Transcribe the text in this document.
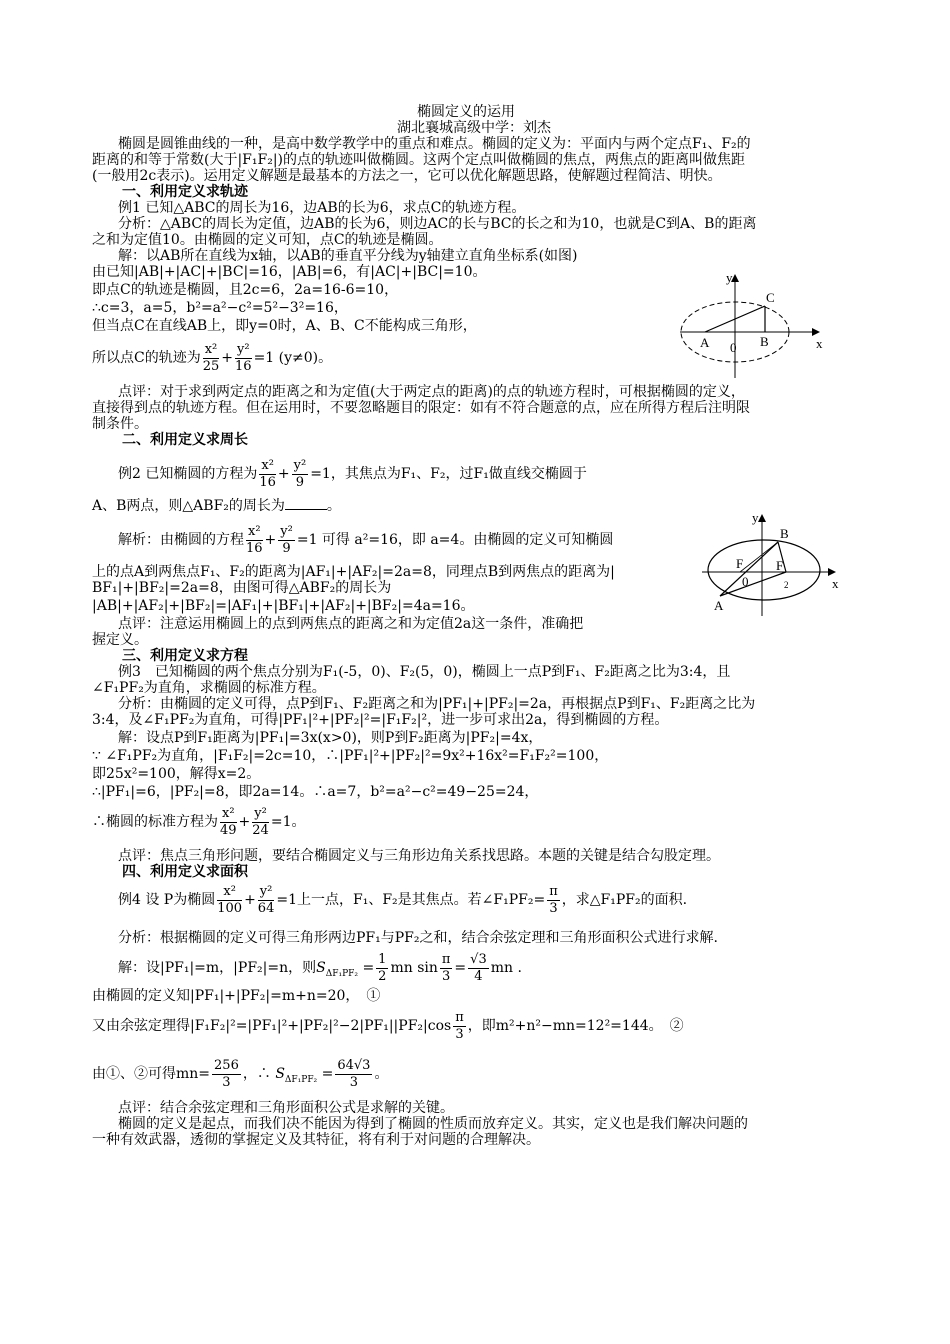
椭圆定义的运用
湖北襄城高级中学：刘杰
椭圆是圆锥曲线的一种，是高中数学教学中的重点和难点。椭圆的定义为：平面内与两个定点F₁、F₂的
距离的和等于常数(大于|F₁F₂|)的点的轨迹叫做椭圆。这两个定点叫做椭圆的焦点，两焦点的距离叫做焦距
(一般用2c表示)。运用定义解题是最基本的方法之一，它可以优化解题思路，使解题过程简洁、明快。
一、利用定义求轨迹
例1 已知△ABC的周长为16，边AB的长为6，求点C的轨迹方程。
分析：△ABC的周长为定值，边AB的长为6，则边AC的长与BC的长之和为10，也就是C到A、B的距离
之和为定值10。由椭圆的定义可知，点C的轨迹是椭圆。
解：以AB所在直线为x轴，以AB的垂直平分线为y轴建立直角坐标系(如图)
由已知|AB|+|AC|+|BC|=16，|AB|=6，有|AC|+|BC|=10。
即点C的轨迹是椭圆，且2c=6，2a=16-6=10，
∴c=3，a=5，b²=a²−c²=5²−3²=16，
但当点C在直线AB上，即y=0时，A、B、C不能构成三角形，
所以点C的轨迹为 $\frac{\text{x²}}{25} + \frac{\text{y²}}{16} =1$ (y≠0)。
点评：对于求到两定点的距离之和为定值(大于两定点的距离)的点的轨迹方程时，可根据椭圆的定义，
直接得到点的轨迹方程。但在运用时，不要忽略题目的限定：如有不符合题意的点，应在所得方程后注明限
制条件。
y
x
C
A 0 B
二、利用定义求周长
例2 已知椭圆的方程为 $\frac{\text{x²}}{16} + \frac{\text{y²}}{9} =1$，其焦点为F₁、F₂，过F₁做直线交椭圆于
A、B两点，则△ABF₂的周长为	。
解析：由椭圆的方程 $\frac{\text{x²}}{16} + \frac{\text{y²}}{9} =1$ 可得 a²=16，即 a=4。由椭圆的定义可知椭圆
上的点A到两焦点F₁、F₂的距离为|AF₁|+|AF₂|=2a=8，同理点B到两焦点的距离为|
BF₁|+|BF₂|=2a=8，由图可得△ABF₂的周长为
|AB|+|AF₂|+|BF₂|=|AF₁|+|BF₁|+|AF₂|+|BF₂|=4a=16。
点评：注意运用椭圆上的点到两焦点的距离之和为定值2a这一条件，准确把
握定义。
y
x
B
F
0
F
2
A
三、利用定义求方程
例3　已知椭圆的两个焦点分别为F₁(-5，0)、F₂(5，0)，椭圆上一点P到F₁、F₂距离之比为3:4，且
∠F₁PF₂为直角，求椭圆的标准方程。
分析：由椭圆的定义可得，点P到F₁、F₂距离之和为|PF₁|+|PF₂|=2a，再根据点P到F₁、F₂距离之比为
3:4，及∠F₁PF₂为直角，可得|PF₁|²+|PF₂|²=|F₁F₂|²，进一步可求出2a，得到椭圆的方程。
解：设点P到F₁距离为|PF₁|=3x(x>0)，则P到F₂距离为|PF₂|=4x，
∵ ∠F₁PF₂为直角，|F₁F₂|=2c=10，∴|PF₁|²+|PF₂|²=9x²+16x²=F₁F₂²=100，
即25x²=100，解得x=2。
∴|PF₁|=6，|PF₂|=8，即2a=14。∴a=7，b²=a²−c²=49−25=24，
∴椭圆的标准方程为 $\frac{\text{x²}}{49} + \frac{\text{y²}}{24} =1$。
点评：焦点三角形问题，要结合椭圆定义与三角形边角关系找思路。本题的关键是结合勾股定理。
四、利用定义求面积
例4 设 P为椭圆 $\frac{\text{x²}}{100} + \frac{\text{y²}}{64} =1$上一点，F₁、F₂是其焦点。若∠F₁PF₂= $\frac{\pi}{3}$ ，求△F₁PF₂的面积.
分析：根据椭圆的定义可得三角形两边PF₁与PF₂之和，结合余弦定理和三角形面积公式进行求解.
解：设|PF₁|=m，|PF₂|=n，则$S_{\Delta F_1PF_2} = \frac{1}{2}$ mn $\sin \frac{\pi}{3} = \frac{√3}{4}$ mn .
由椭圆的定义知|PF₁|+|PF₂|=m+n=20，　①
又由余弦定理得$|F_1F_2|^2=|PF_1|^2+|PF_2|^2-2|PF_1||PF_2|\cos \frac{\pi}{3}$ ，即m²+n²−mn=12²=144。　②
由①、②可得$mn= \frac{256}{3}$ ，∴ $S_{\Delta F_1PF_2} = \frac{64√3}{3}$ 。
点评：结合余弦定理和三角形面积公式是求解的关键。
椭圆的定义是起点，而我们决不能因为得到了椭圆的性质而放弃定义。其实，定义也是我们解决问题的
一种有效武器，透彻的掌握定义及其特征，将有利于对问题的合理解决。
